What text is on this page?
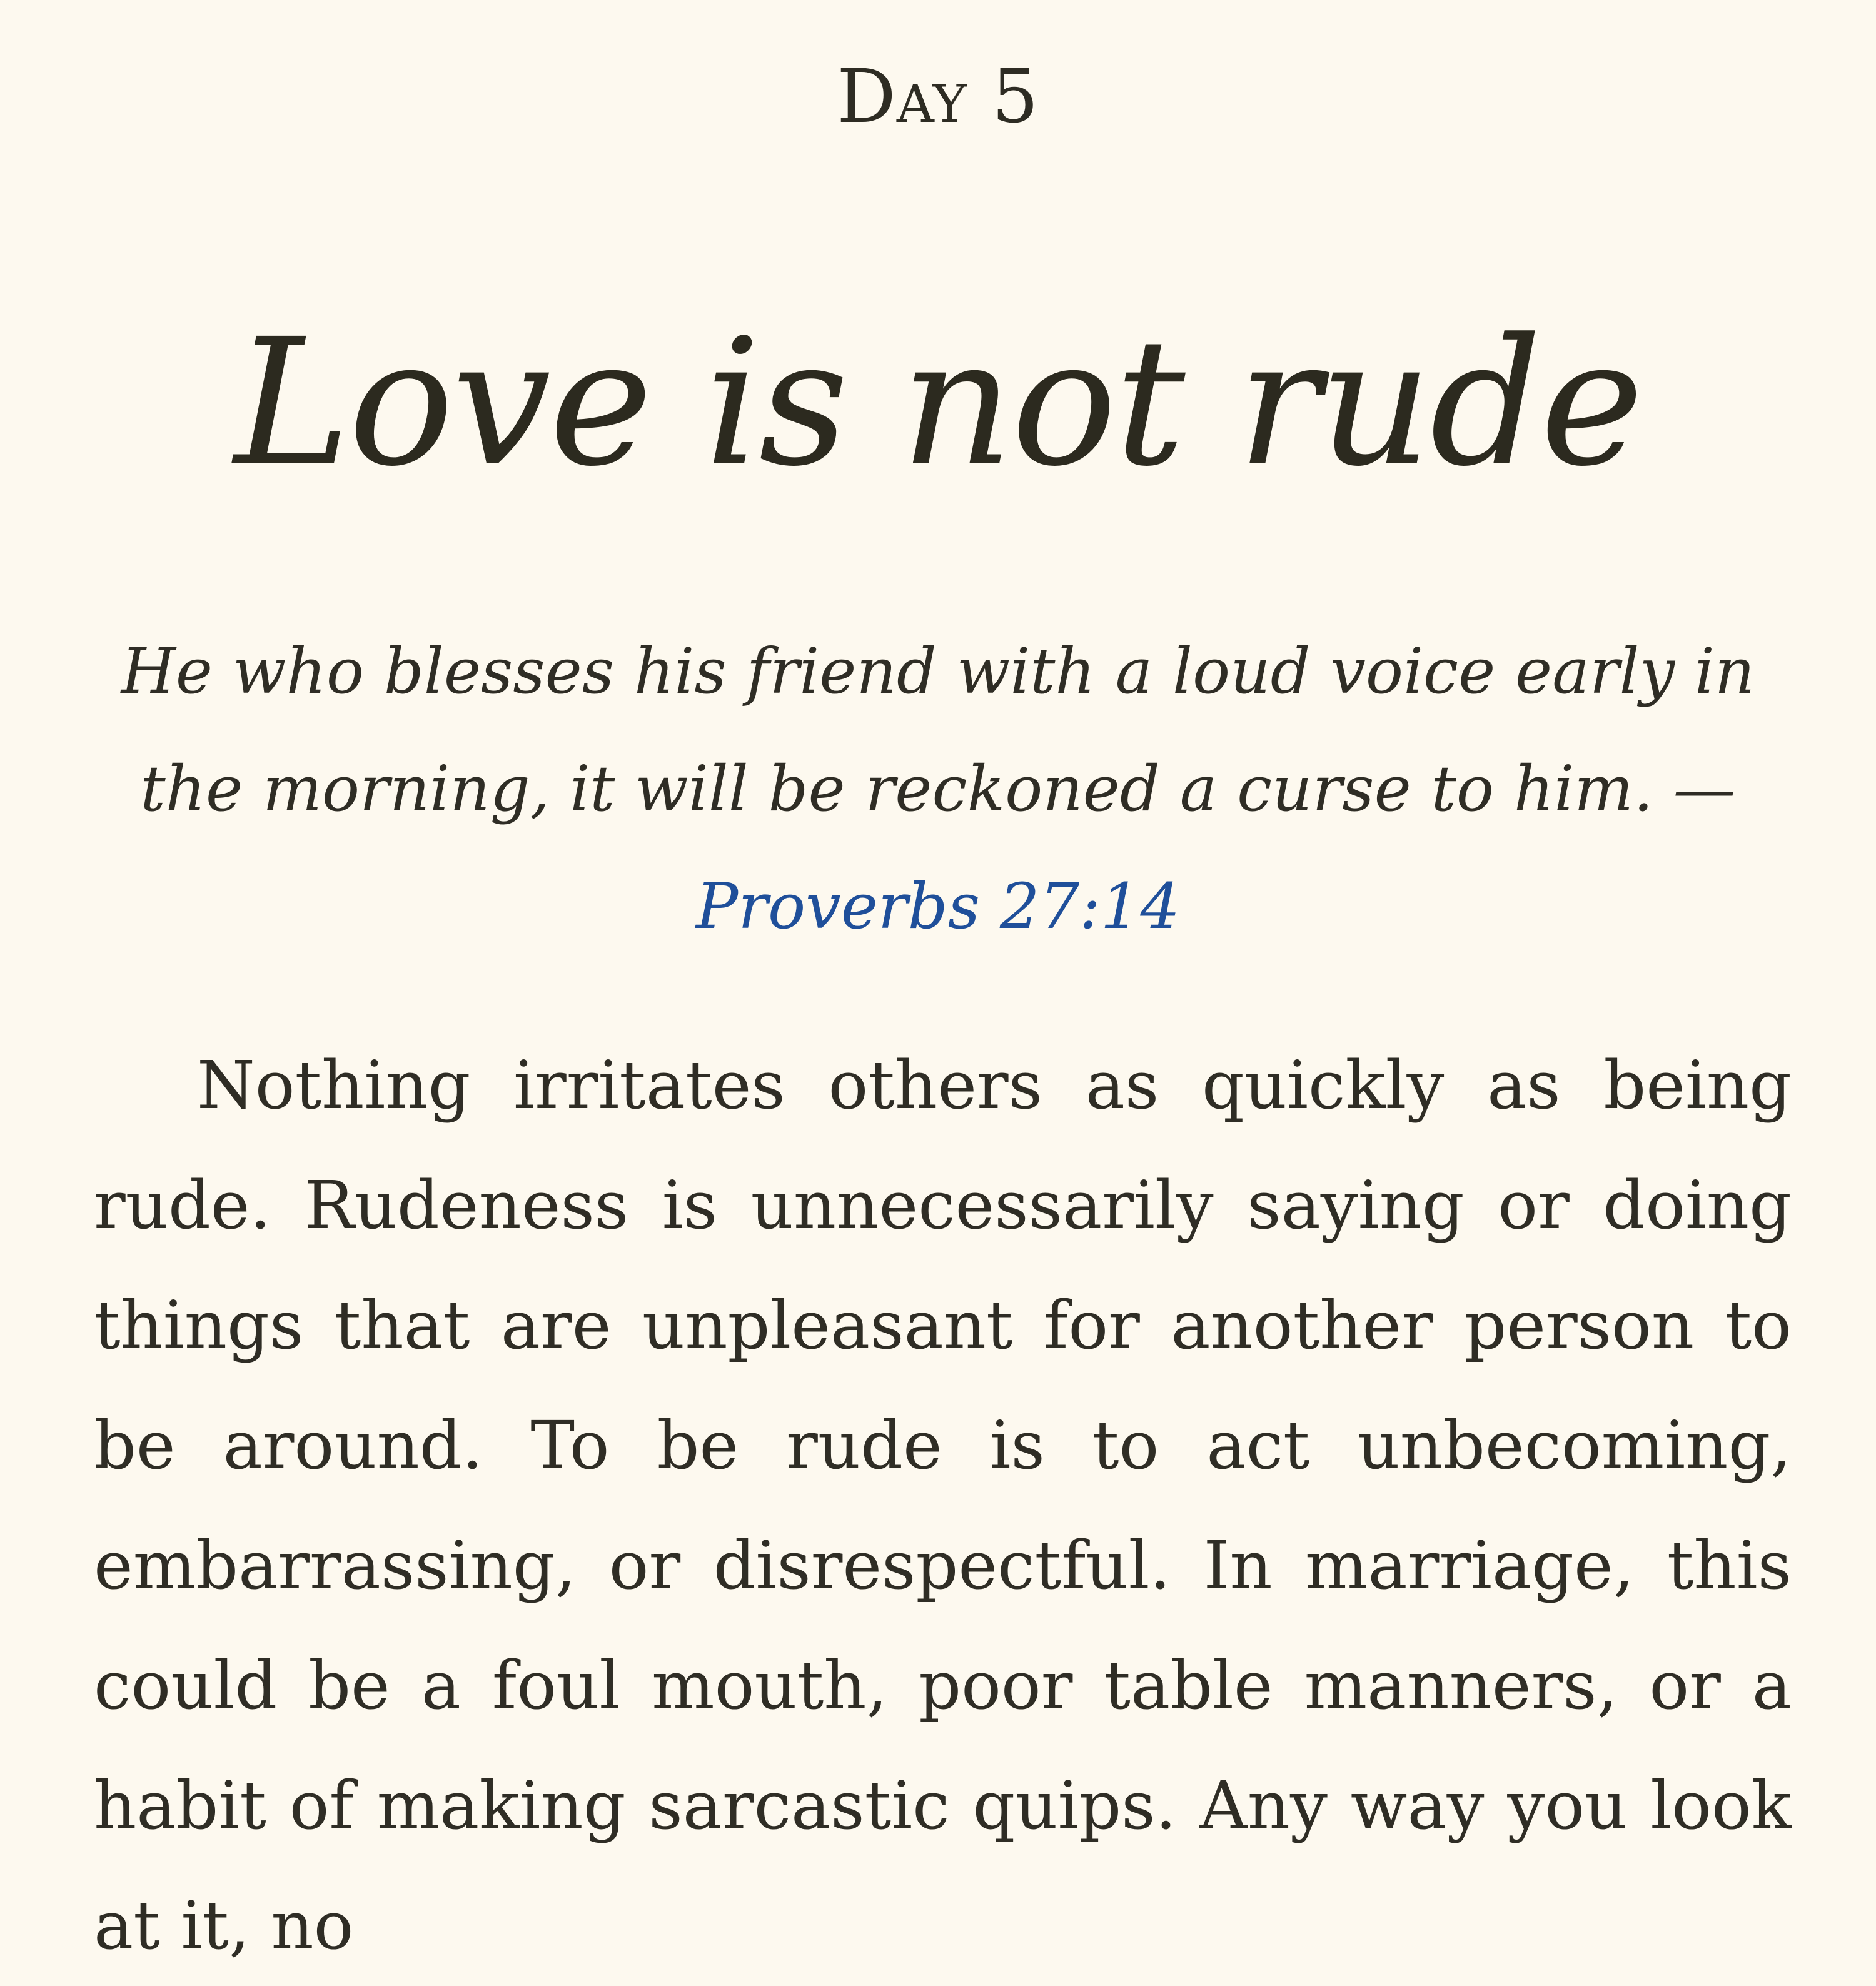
Day 5
Love is not rude

He who blesses his friend with a loud voice early in the morning, it will be reckoned a curse to him. —Proverbs 27:14

Nothing irritates others as quickly as being rude. Rudeness is unnecessarily saying or doing things that are unpleasant for another person to be around. To be rude is to act unbecoming, embarrassing, or disrespectful. In marriage, this could be a foul mouth, poor table manners, or a habit of making sarcastic quips. Any way you look at it, no
